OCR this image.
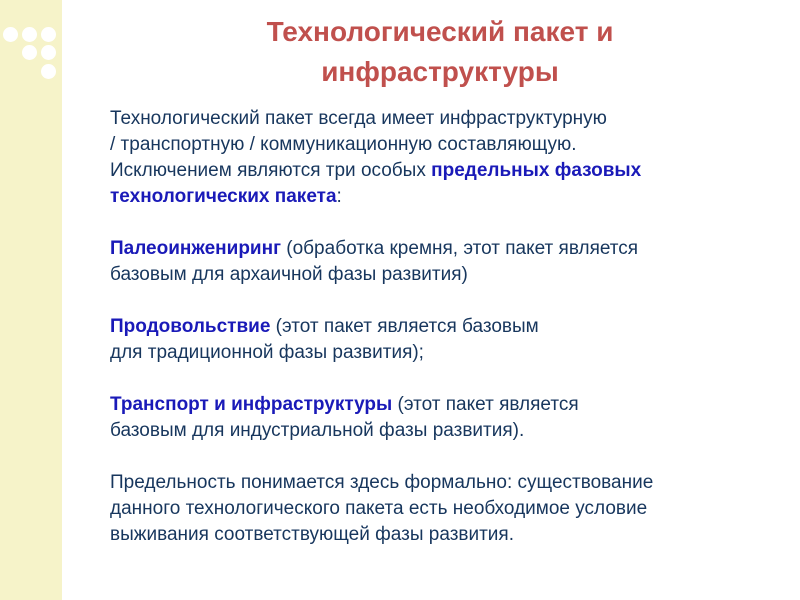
Технологический пакет и
инфраструктуры

Технологический пакет всегда имеет инфраструктурную
/ транспортную / коммуникационную составляющую.
Исключением являются три особых предельных фазовых
технологических пакета:

Палеоинжениринг (обработка кремня, этот пакет является
базовым для архаичной фазы развития)

Продовольствие (этот пакет является базовым
для традиционной фазы развития);

Транспорт и инфраструктуры (этот пакет является
базовым для индустриальной фазы развития).

Предельность понимается здесь формально: существование
данного технологического пакета есть необходимое условие
выживания соответствующей фазы развития.
